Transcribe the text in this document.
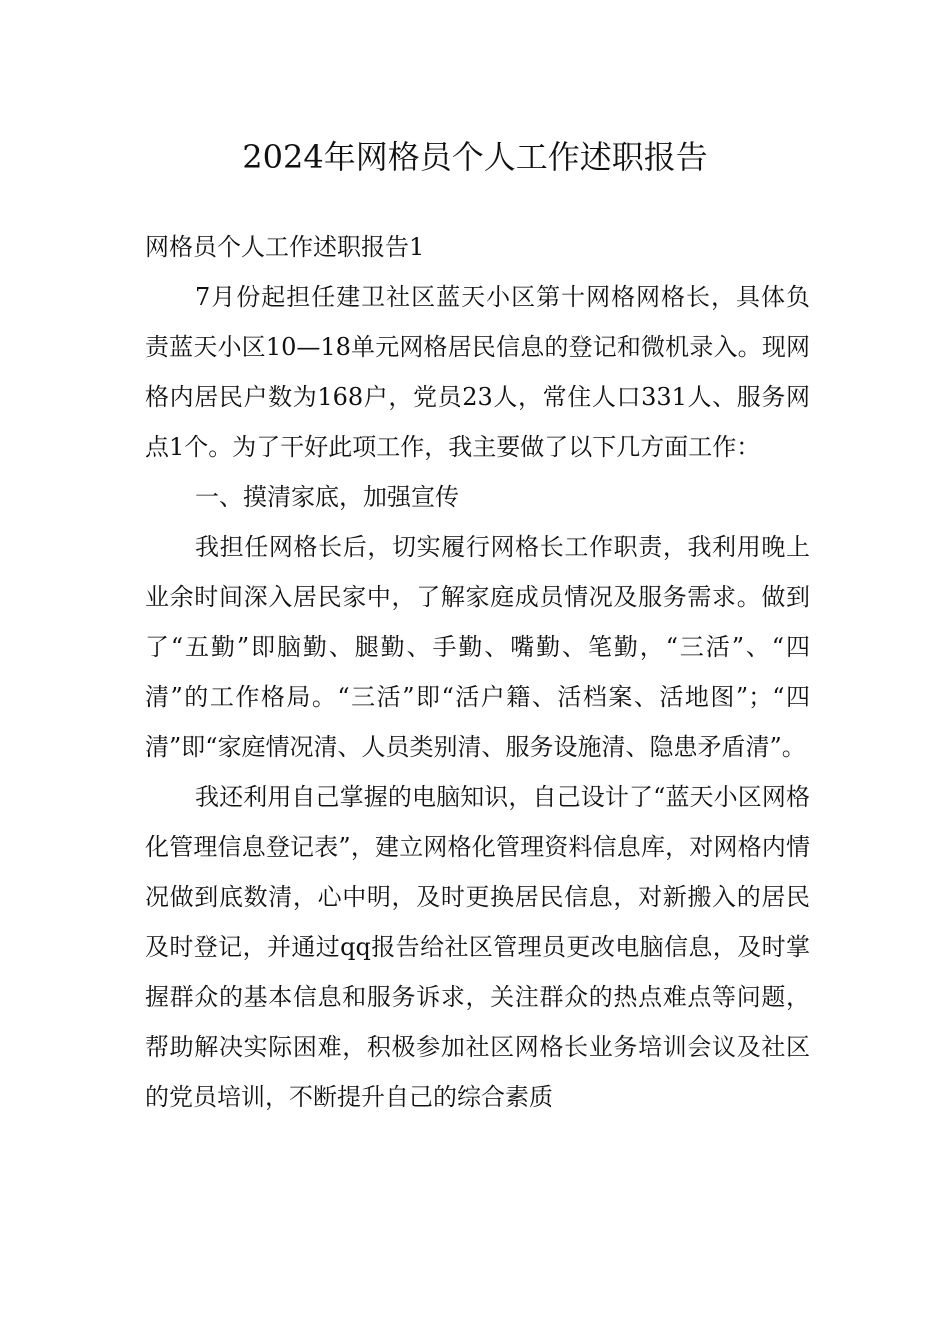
2024年网格员个人工作述职报告

网格员个人工作述职报告1

7月份起担任建卫社区蓝天小区第十网格网格长，具体负责蓝天小区10—18单元网格居民信息的登记和微机录入。现网格内居民户数为168户，党员23人，常住人口331人、服务网点1个。为了干好此项工作，我主要做了以下几方面工作：

一、摸清家底，加强宣传

我担任网格长后，切实履行网格长工作职责，我利用晚上业余时间深入居民家中，了解家庭成员情况及服务需求。做到了“五勤”即脑勤、腿勤、手勤、嘴勤、笔勤，“三活”、“四清”的工作格局。“三活”即“活户籍、活档案、活地图”；“四清”即“家庭情况清、人员类别清、服务设施清、隐患矛盾清”。

我还利用自己掌握的电脑知识，自己设计了“蓝天小区网格化管理信息登记表”，建立网格化管理资料信息库，对网格内情况做到底数清，心中明，及时更换居民信息，对新搬入的居民及时登记，并通过qq报告给社区管理员更改电脑信息，及时掌握群众的基本信息和服务诉求，关注群众的热点难点等问题，帮助解决实际困难，积极参加社区网格长业务培训会议及社区的党员培训，不断提升自己的综合素质
